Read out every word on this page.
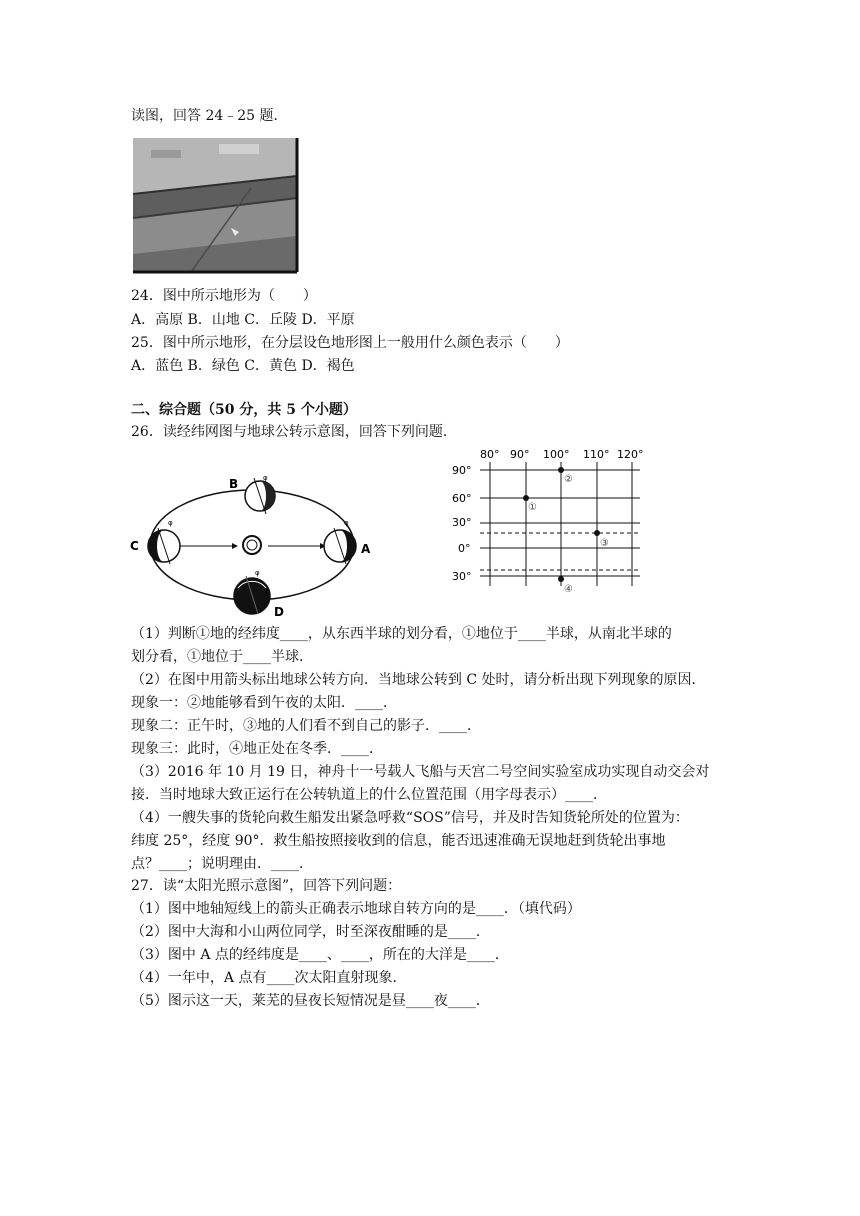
读图，回答 24﹣25 题．
24．图中所示地形为（　　）
A．高原 B．山地 C．丘陵 D．平原
25．图中所示地形，在分层设色地形图上一般用什么颜色表示（　　）
A．蓝色 B．绿色 C．黄色 D．褐色
二、综合题（50 分，共 5 个小题）
26．读经纬网图与地球公转示意图，回答下列问题．
φ
φ	φ
φ
B
C	A
D
80° 90° 100° 110° 120°
90°
60°
30°
0°
30°
①
②
③
④
（1）判断①地的经纬度____，从东西半球的划分看，①地位于____半球，从南北半球的
划分看，①地位于____半球．
（2）在图中用箭头标出地球公转方向．当地球公转到 C 处时，请分析出现下列现象的原因．
现象一：②地能够看到午夜的太阳．____．
现象二：正午时，③地的人们看不到自己的影子．____．
现象三：此时，④地正处在冬季．____．
（3）2016 年 10 月 19 日，神舟十一号载人飞船与天宫二号空间实验室成功实现自动交会对
接．当时地球大致正运行在公转轨道上的什么位置范围（用字母表示）____．
（4）一艘失事的货轮向救生船发出紧急呼救“SOS”信号，并及时告知货轮所处的位置为：
纬度 25°，经度 90°．救生船按照接收到的信息，能否迅速准确无误地赶到货轮出事地
点？____；说明理由．____．
27．读“太阳光照示意图”，回答下列问题：
（1）图中地轴短线上的箭头正确表示地球自转方向的是____．（填代码）
（2）图中大海和小山两位同学，时至深夜酣睡的是____．
（3）图中 A 点的经纬度是____、____，所在的大洋是____．
（4）一年中，A 点有____次太阳直射现象．
（5）图示这一天，莱芜的昼夜长短情况是昼____夜____．
